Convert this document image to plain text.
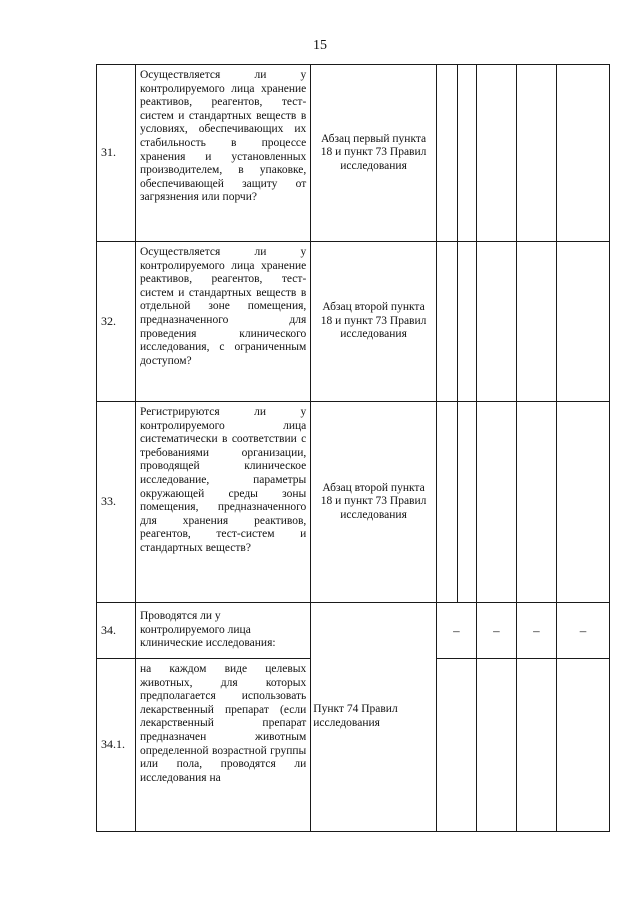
15
31.	Осуществляется ли у контролируемого лица хранение реактивов, реагентов, тест-систем и стандартных веществ в условиях, обеспечивающих их стабильность в процессе хранения и установленных производителем, в упаковке, обеспечивающей защиту от загрязнения или порчи?	Абзац первый пункта 18 и пункт 73 Правил исследования					
32.	Осуществляется ли у контролируемого лица хранение реактивов, реагентов, тест-систем и стандартных веществ в отдельной зоне помещения, предназначенного для проведения клинического исследования, с ограниченным доступом?	Абзац второй пункта 18 и пункт 73 Правил исследования					
33.	Регистрируются ли у контролируемого лица систематически в соответствии с требованиями организации, проводящей клиническое исследование, параметры окружающей среды зоны помещения, предназначенного для хранения реактивов, реагентов, тест-систем и стандартных веществ?	Абзац второй пункта 18 и пункт 73 Правил исследования					
34.	Проводятся ли у контролируемого лица клинические исследования:	Пункт 74 Правил исследования	–		–	–	–
34.1.	на каждом виде целевых животных, для которых предполагается использовать лекарственный препарат (если лекарственный препарат предназначен животным определенной возрастной группы или пола, проводятся ли исследования на						
